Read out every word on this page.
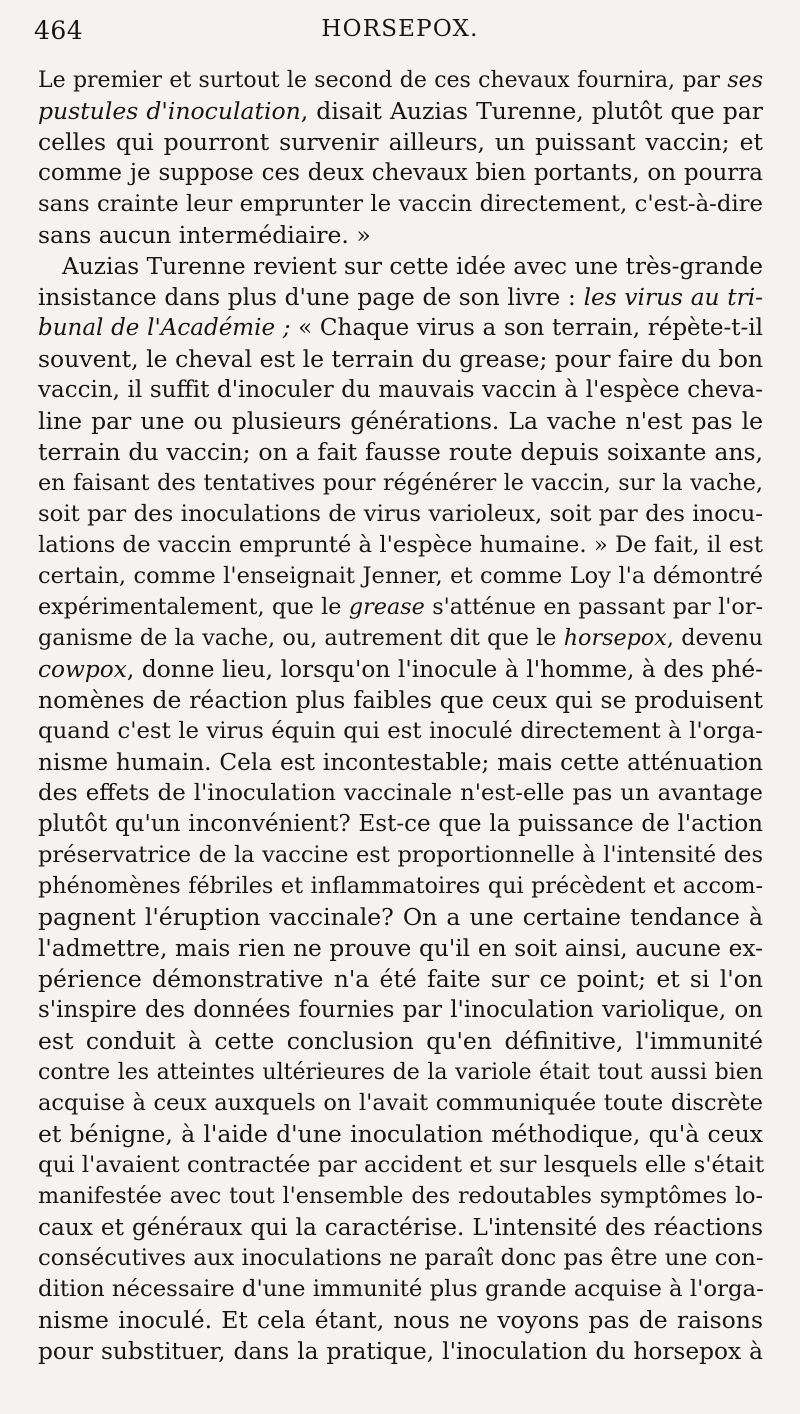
464	HORSEPOX.
Le premier et surtout le second de ces chevaux fournira, par ses
pustules d'inoculation, disait Auzias Turenne, plutôt que par
celles qui pourront survenir ailleurs, un puissant vaccin; et
comme je suppose ces deux chevaux bien portants, on pourra
sans crainte leur emprunter le vaccin directement, c'est-à-dire
sans aucun intermédiaire. »
Auzias Turenne revient sur cette idée avec une très-grande
insistance dans plus d'une page de son livre : les virus au tri-
bunal de l'Académie ; « Chaque virus a son terrain, répète-t-il
souvent, le cheval est le terrain du grease; pour faire du bon
vaccin, il suffit d'inoculer du mauvais vaccin à l'espèce cheva-
line par une ou plusieurs générations. La vache n'est pas le
terrain du vaccin; on a fait fausse route depuis soixante ans,
en faisant des tentatives pour régénérer le vaccin, sur la vache,
soit par des inoculations de virus varioleux, soit par des inocu-
lations de vaccin emprunté à l'espèce humaine. » De fait, il est
certain, comme l'enseignait Jenner, et comme Loy l'a démontré
expérimentalement, que le grease s'atténue en passant par l'or-
ganisme de la vache, ou, autrement dit que le horsepox, devenu
cowpox, donne lieu, lorsqu'on l'inocule à l'homme, à des phé-
nomènes de réaction plus faibles que ceux qui se produisent
quand c'est le virus équin qui est inoculé directement à l'orga-
nisme humain. Cela est incontestable; mais cette atténuation
des effets de l'inoculation vaccinale n'est-elle pas un avantage
plutôt qu'un inconvénient? Est-ce que la puissance de l'action
préservatrice de la vaccine est proportionnelle à l'intensité des
phénomènes fébriles et inflammatoires qui précèdent et accom-
pagnent l'éruption vaccinale? On a une certaine tendance à
l'admettre, mais rien ne prouve qu'il en soit ainsi, aucune ex-
périence démonstrative n'a été faite sur ce point; et si l'on
s'inspire des données fournies par l'inoculation variolique, on
est conduit à cette conclusion qu'en définitive, l'immunité
contre les atteintes ultérieures de la variole était tout aussi bien
acquise à ceux auxquels on l'avait communiquée toute discrète
et bénigne, à l'aide d'une inoculation méthodique, qu'à ceux
qui l'avaient contractée par accident et sur lesquels elle s'était
manifestée avec tout l'ensemble des redoutables symptômes lo-
caux et généraux qui la caractérise. L'intensité des réactions
consécutives aux inoculations ne paraît donc pas être une con-
dition nécessaire d'une immunité plus grande acquise à l'orga-
nisme inoculé. Et cela étant, nous ne voyons pas de raisons
pour substituer, dans la pratique, l'inoculation du horsepox à
